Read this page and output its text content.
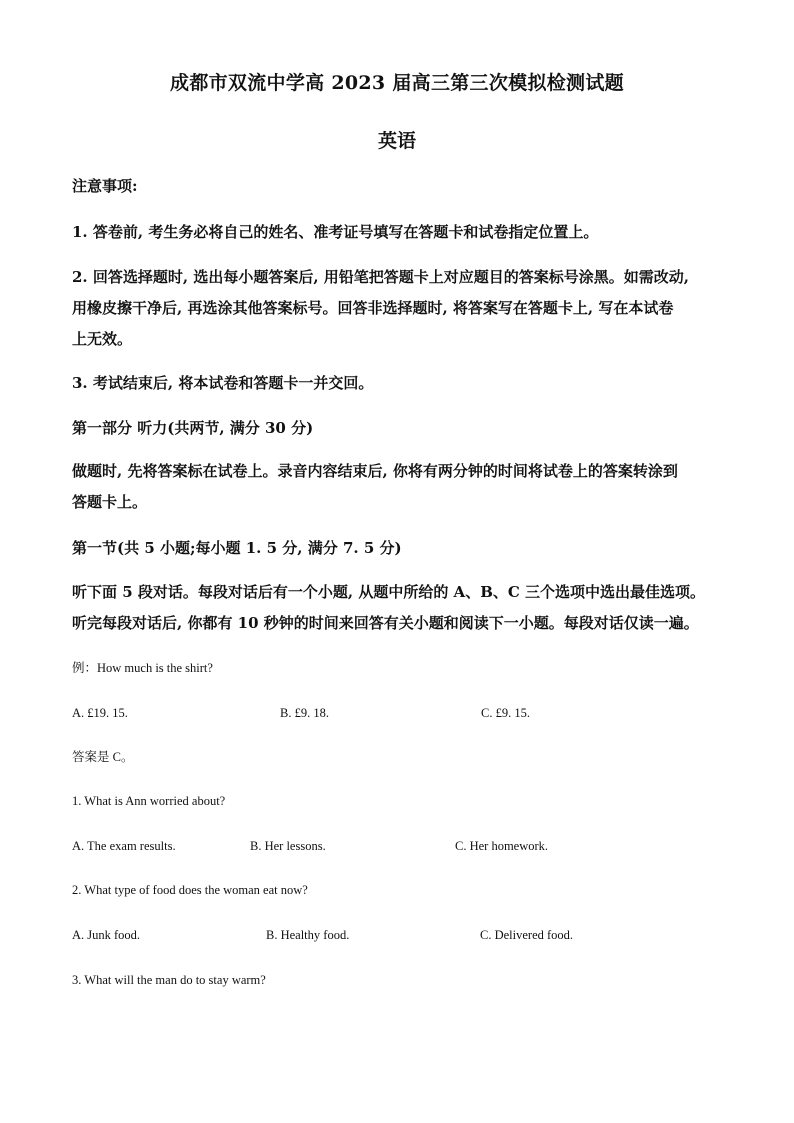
成都市双流中学高 2023 届高三第三次模拟检测试题
英语

注意事项:

1. 答卷前, 考生务必将自己的姓名、准考证号填写在答题卡和试卷指定位置上。

2. 回答选择题时, 选出每小题答案后, 用铅笔把答题卡上对应题目的答案标号涂黑。如需改动,

用橡皮擦干净后, 再选涂其他答案标号。回答非选择题时, 将答案写在答题卡上, 写在本试卷

上无效。

3. 考试结束后, 将本试卷和答题卡一并交回。

第一部分 听力(共两节, 满分 30 分)

做题时, 先将答案标在试卷上。录音内容结束后, 你将有两分钟的时间将试卷上的答案转涂到

答题卡上。

第一节(共 5 小题;每小题 1. 5 分, 满分 7. 5 分)

听下面 5 段对话。每段对话后有一个小题, 从题中所给的 A、B、C 三个选项中选出最佳选项。

听完每段对话后, 你都有 10 秒钟的时间来回答有关小题和阅读下一小题。每段对话仅读一遍。

例：How much is the shirt?

A. £19. 15.	B. £9. 18.	C. £9. 15.

答案是 C。

1. What is Ann worried about?

A. The exam results.	B. Her lessons.	C. Her homework.

2. What type of food does the woman eat now?

A. Junk food.	B. Healthy food.	C. Delivered food.

3. What will the man do to stay warm?
